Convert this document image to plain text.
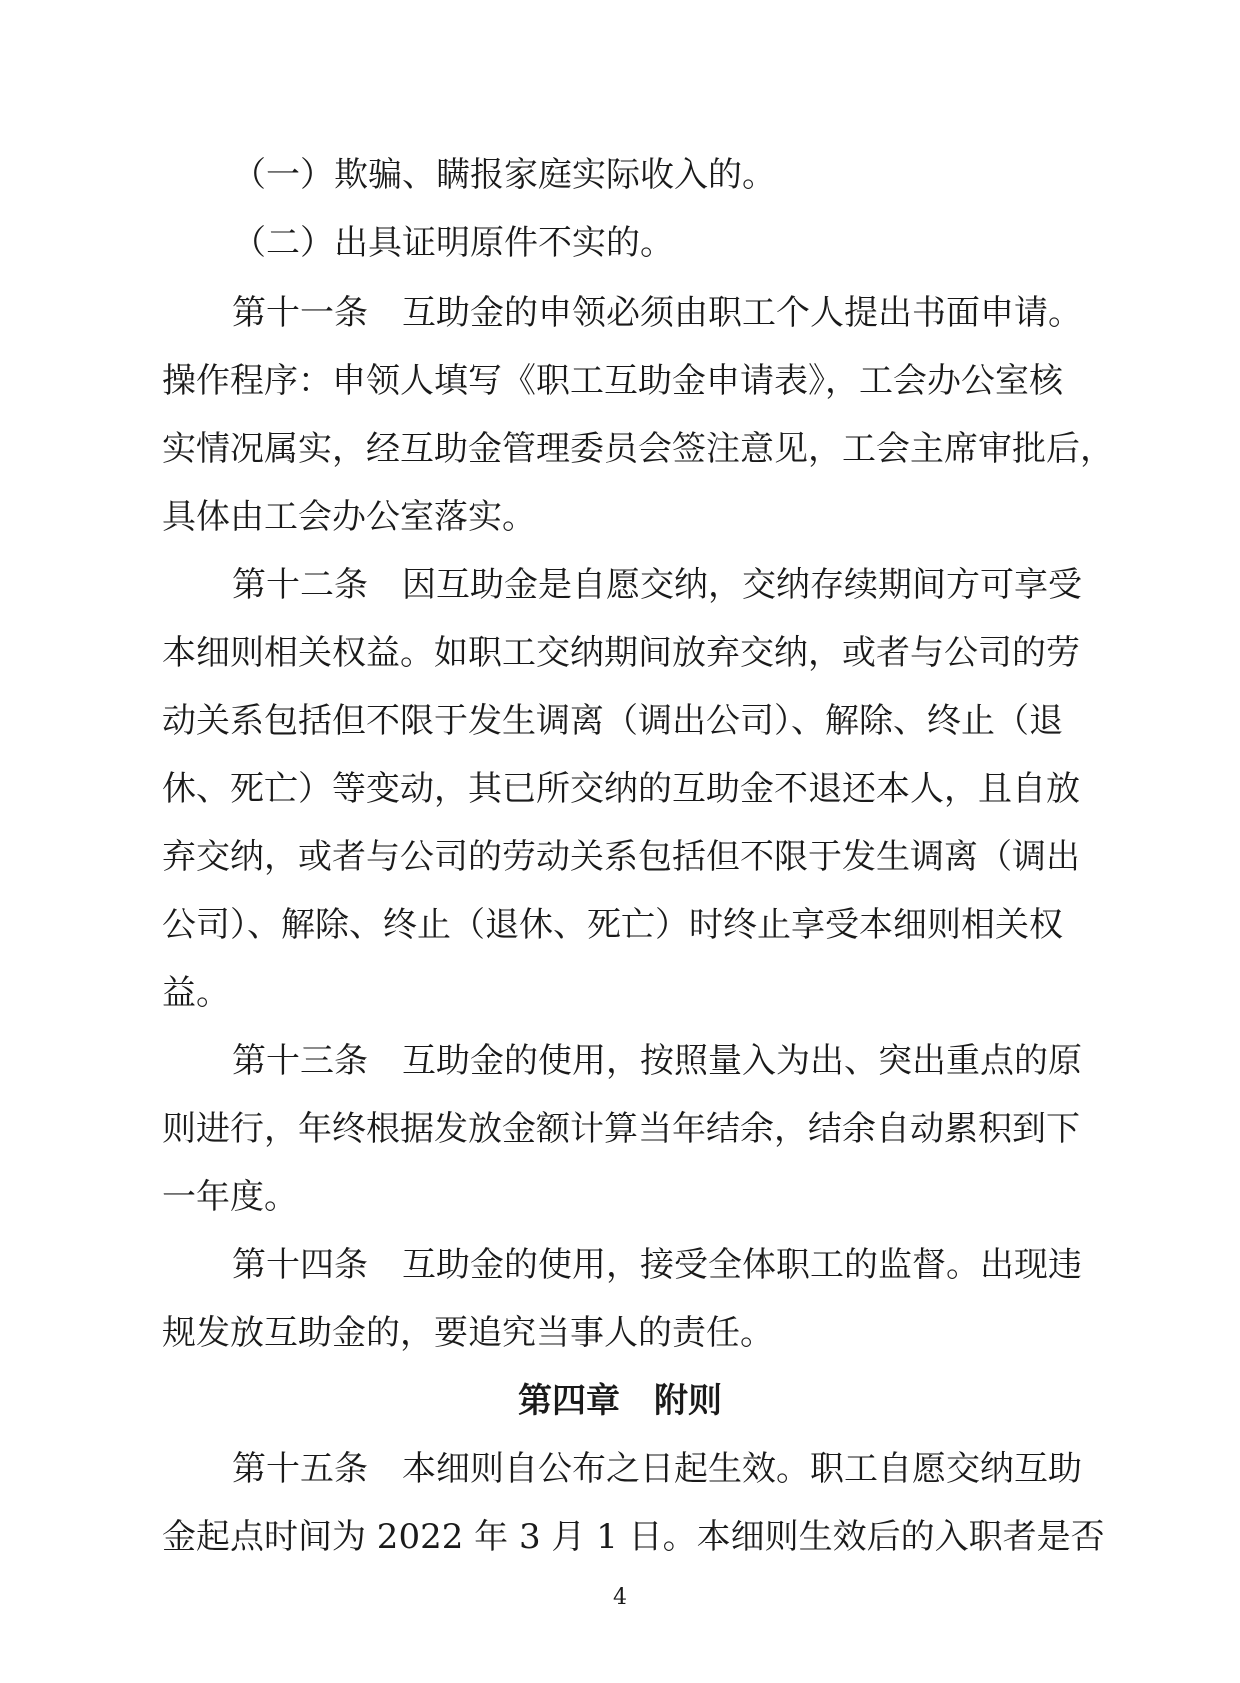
（一）欺骗、瞒报家庭实际收入的。
（二）出具证明原件不实的。
第十一条　互助金的申领必须由职工个人提出书面申请。
操作程序：申领人填写《职工互助金申请表》，工会办公室核
实情况属实，经互助金管理委员会签注意见，工会主席审批后，
具体由工会办公室落实。
第十二条　因互助金是自愿交纳，交纳存续期间方可享受
本细则相关权益。如职工交纳期间放弃交纳，或者与公司的劳
动关系包括但不限于发生调离（调出公司）、解除、终止（退
休、死亡）等变动，其已所交纳的互助金不退还本人，且自放
弃交纳，或者与公司的劳动关系包括但不限于发生调离（调出
公司）、解除、终止（退休、死亡）时终止享受本细则相关权
益。
第十三条　互助金的使用，按照量入为出、突出重点的原
则进行，年终根据发放金额计算当年结余，结余自动累积到下
一年度。
第十四条　互助金的使用，接受全体职工的监督。出现违
规发放互助金的，要追究当事人的责任。
第四章　附则
第十五条　本细则自公布之日起生效。职工自愿交纳互助
金起点时间为 2022 年 3 月 1 日。本细则生效后的入职者是否
4
